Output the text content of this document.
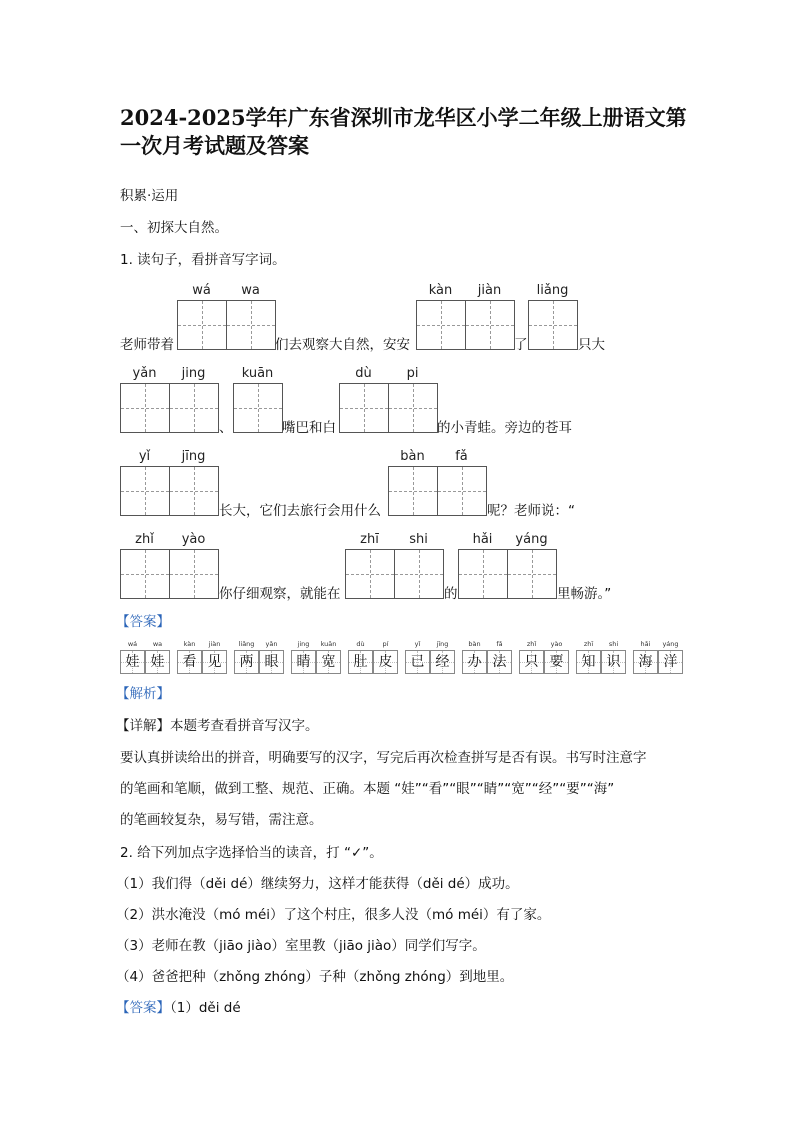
2024-2025学年广东省深圳市龙华区小学二年级上册语文第一次月考试题及答案
积累·运用
一、初探大自然。
1. 读句子，看拼音写字词。
wá	wa	kàn	jiàn	liǎng
老师带着	们去观察大自然，安安	了	只大
yǎn	jing	kuān	dù	pi
、	嘴巴和白	的小青蛙。旁边的苍耳
yǐ	jīng	bàn	fǎ
长大，它们去旅行会用什么	呢？老师说：“
zhǐ	yào	zhī	shi	hǎi	yáng
你仔细观察，就能在	的	里畅游。”
【答案】
wá
娃
wa
娃
kàn
看
jiàn
见
liǎng
两
yǎn
眼
jing
睛
kuān
宽
dù
肚
pí
皮
yǐ
已
jīng
经
bàn
办
fǎ
法
zhǐ
只
yào
要
zhī
知
shi
识
hǎi
海
yáng
洋
【解析】
【详解】本题考查看拼音写汉字。
要认真拼读给出的拼音，明确要写的汉字，写完后再次检查拼写是否有误。书写时注意字
的笔画和笔顺，做到工整、规范、正确。本题 “娃”“看”“眼”“睛”“宽”“经”“要”“海”
的笔画较复杂，易写错，需注意。
2. 给下列加点字选择恰当的读音，打 “✓”。
（1）我们得（děi dé）继续努力，这样才能获得（děi dé）成功。
（2）洪水淹没（mó méi）了这个村庄，很多人没（mó méi）有了家。
（3）老师在教（jiāo jiào）室里教（jiāo jiào）同学们写字。
（4）爸爸把种（zhǒng zhóng）子种（zhǒng zhóng）到地里。
【答案】（1）děi dé
